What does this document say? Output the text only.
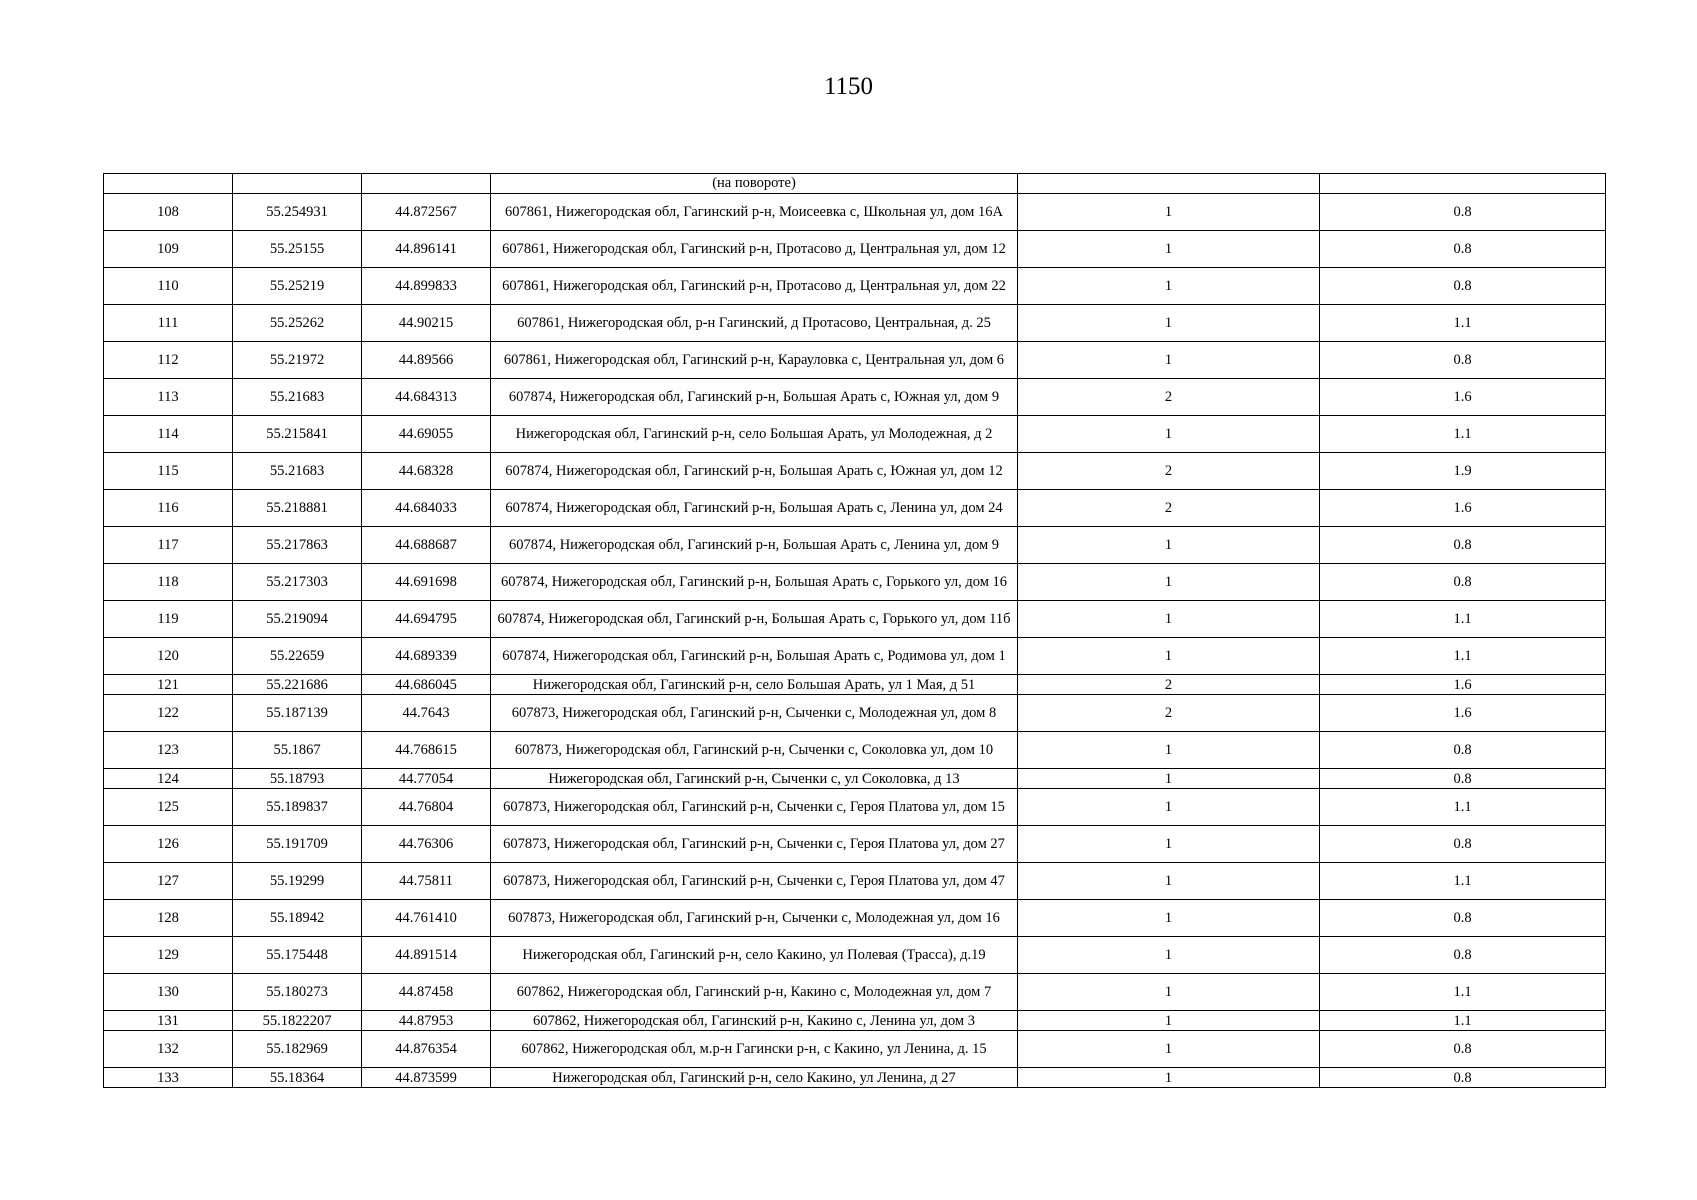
1150
			(на повороте)		
108	55.254931	44.872567	607861, Нижегородская обл, Гагинский р-н, Моисеевка с, Школьная ул, дом 16А	1	0.8
109	55.25155	44.896141	607861, Нижегородская обл, Гагинский р-н, Протасово д, Центральная ул, дом 12	1	0.8
110	55.25219	44.899833	607861, Нижегородская обл, Гагинский р-н, Протасово д, Центральная ул, дом 22	1	0.8
111	55.25262	44.90215	607861, Нижегородская обл, р-н Гагинский, д Протасово, Центральная, д. 25	1	1.1
112	55.21972	44.89566	607861, Нижегородская обл, Гагинский р-н, Карауловка с, Центральная ул, дом 6	1	0.8
113	55.21683	44.684313	607874, Нижегородская обл, Гагинский р-н, Большая Арать с, Южная ул, дом 9	2	1.6
114	55.215841	44.69055	Нижегородская обл, Гагинский р-н, село Большая Арать, ул Молодежная, д 2	1	1.1
115	55.21683	44.68328	607874, Нижегородская обл, Гагинский р-н, Большая Арать с, Южная ул, дом 12	2	1.9
116	55.218881	44.684033	607874, Нижегородская обл, Гагинский р-н, Большая Арать с, Ленина ул, дом 24	2	1.6
117	55.217863	44.688687	607874, Нижегородская обл, Гагинский р-н, Большая Арать с, Ленина ул, дом 9	1	0.8
118	55.217303	44.691698	607874, Нижегородская обл, Гагинский р-н, Большая Арать с, Горького ул, дом 16	1	0.8
119	55.219094	44.694795	607874, Нижегородская обл, Гагинский р-н, Большая Арать с, Горького ул, дом 11б	1	1.1
120	55.22659	44.689339	607874, Нижегородская обл, Гагинский р-н, Большая Арать с, Родимова ул, дом 1	1	1.1
121	55.221686	44.686045	Нижегородская обл, Гагинский р-н, село Большая Арать, ул 1 Мая, д 51	2	1.6
122	55.187139	44.7643	607873, Нижегородская обл, Гагинский р-н, Сыченки с, Молодежная ул, дом 8	2	1.6
123	55.1867	44.768615	607873, Нижегородская обл, Гагинский р-н, Сыченки с, Соколовка ул, дом 10	1	0.8
124	55.18793	44.77054	Нижегородская обл, Гагинский р-н, Сыченки с, ул Соколовка, д 13	1	0.8
125	55.189837	44.76804	607873, Нижегородская обл, Гагинский р-н, Сыченки с, Героя Платова ул, дом 15	1	1.1
126	55.191709	44.76306	607873, Нижегородская обл, Гагинский р-н, Сыченки с, Героя Платова ул, дом 27	1	0.8
127	55.19299	44.75811	607873, Нижегородская обл, Гагинский р-н, Сыченки с, Героя Платова ул, дом 47	1	1.1
128	55.18942	44.761410	607873, Нижегородская обл, Гагинский р-н, Сыченки с, Молодежная ул, дом 16	1	0.8
129	55.175448	44.891514	Нижегородская обл, Гагинский р-н, село Какино, ул Полевая (Трасса), д.19	1	0.8
130	55.180273	44.87458	607862, Нижегородская обл, Гагинский р-н, Какино с, Молодежная ул, дом 7	1	1.1
131	55.1822207	44.87953	607862, Нижегородская обл, Гагинский р-н, Какино с, Ленина ул, дом 3	1	1.1
132	55.182969	44.876354	607862, Нижегородская обл, м.р-н Гагински р-н, с Какино, ул Ленина, д. 15	1	0.8
133	55.18364	44.873599	Нижегородская обл, Гагинский р-н, село Какино, ул Ленина, д 27	1	0.8
